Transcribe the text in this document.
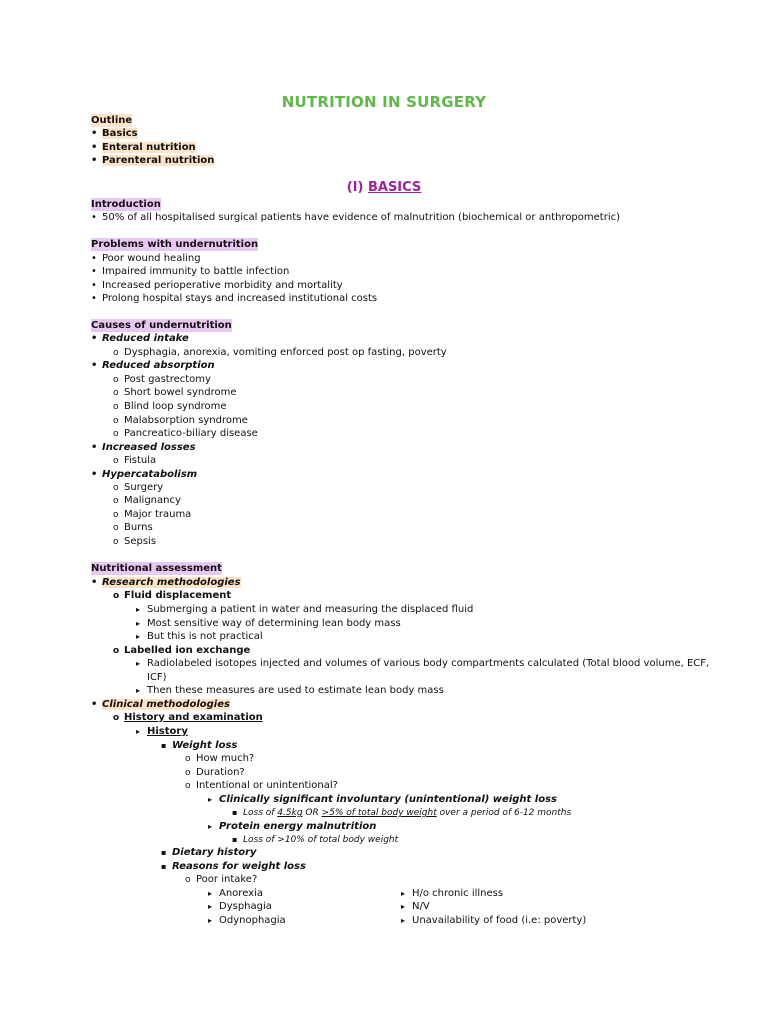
NUTRITION IN SURGERY
Outline
•Basics
•Enteral nutrition
•Parenteral nutrition
(I) BASICS
Introduction
•50% of all hospitalised surgical patients have evidence of malnutrition (biochemical or anthropometric)
Problems with undernutrition
•Poor wound healing
•Impaired immunity to battle infection
•Increased perioperative morbidity and mortality
•Prolong hospital stays and increased institutional costs
Causes of undernutrition
•Reduced intake
oDysphagia, anorexia, vomiting enforced post op fasting, poverty
•Reduced absorption
oPost gastrectomy
oShort bowel syndrome
oBlind loop syndrome
oMalabsorption syndrome
oPancreatico-biliary disease
•Increased losses
oFistula
•Hypercatabolism
oSurgery
oMalignancy
oMajor trauma
oBurns
oSepsis
Nutritional assessment
•Research methodologies
oFluid displacement
▸Submerging a patient in water and measuring the displaced fluid
▸Most sensitive way of determining lean body mass
▸But this is not practical
oLabelled ion exchange
▸Radiolabeled isotopes injected and volumes of various body compartments calculated (Total blood volume, ECF,
ICF)
▸Then these measures are used to estimate lean body mass
•Clinical methodologies
oHistory and examination
▸History
▪Weight loss
oHow much?
oDuration?
oIntentional or unintentional?
▸Clinically significant involuntary (unintentional) weight loss
▪Loss of 4.5kg OR >5% of total body weight over a period of 6-12 months
▸Protein energy malnutrition
▪Loss of >10% of total body weight
▪Dietary history
▪Reasons for weight loss
oPoor intake?
▸Anorexia
▸Dysphagia
▸Odynophagia
▸H/o chronic illness
▸N/V
▸Unavailability of food (i.e: poverty)
